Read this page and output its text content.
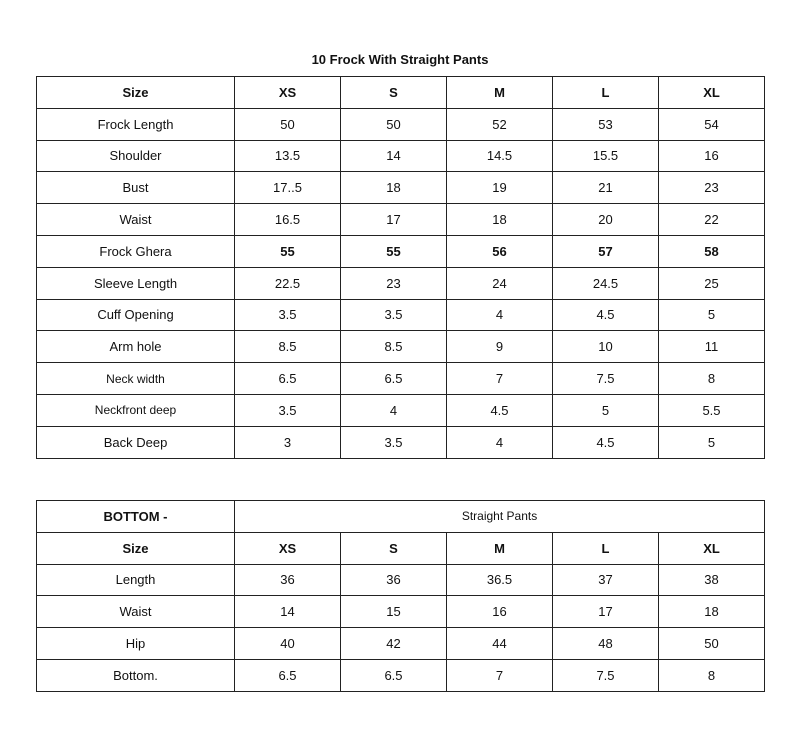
10 Frock With Straight Pants
Size	XS	S	M	L	XL
Frock Length	50	50	52	53	54
Shoulder	13.5	14	14.5	15.5	16
Bust	17..5	18	19	21	23
Waist	16.5	17	18	20	22
Frock Ghera	55	55	56	57	58
Sleeve Length	22.5	23	24	24.5	25
Cuff Opening	3.5	3.5	4	4.5	5
Arm hole	8.5	8.5	9	10	11
Neck width	6.5	6.5	7	7.5	8
Neckfront deep	3.5	4	4.5	5	5.5
Back Deep	3	3.5	4	4.5	5
BOTTOM -	Straight Pants				
Size	XS	S	M	L	XL
Length	36	36	36.5	37	38
Waist	14	15	16	17	18
Hip	40	42	44	48	50
Bottom.	6.5	6.5	7	7.5	8
